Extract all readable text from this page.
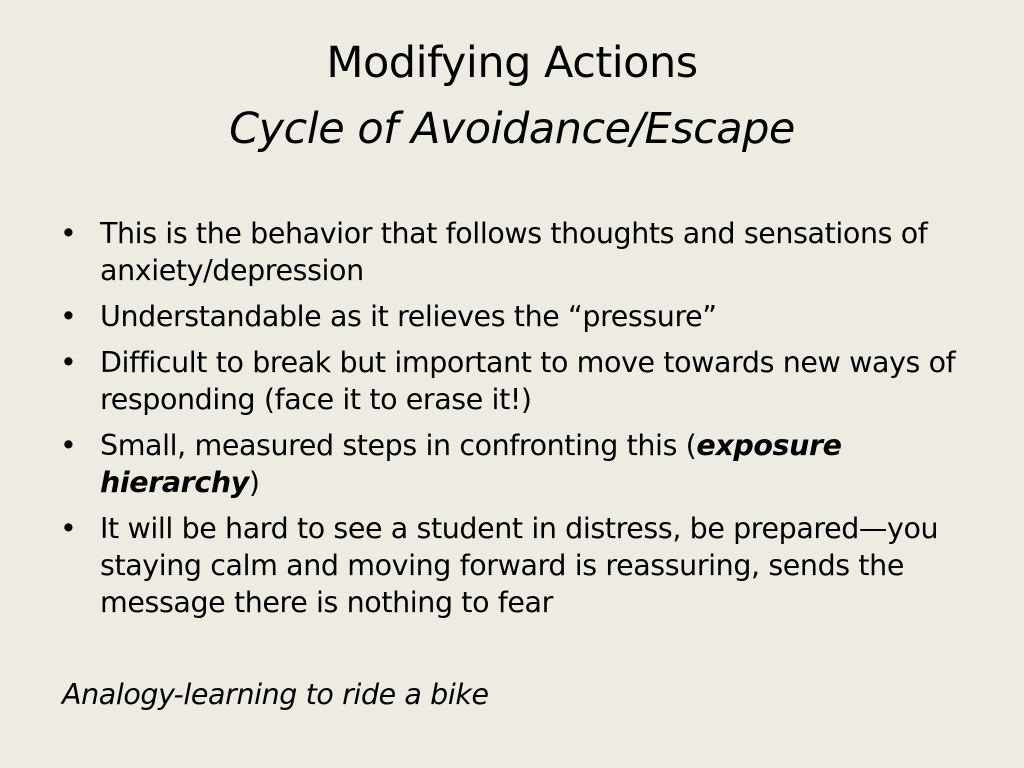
Modifying Actions
Cycle of Avoidance/Escape
• This is the behavior that follows thoughts and sensations of anxiety/depression
• Understandable as it relieves the “pressure”
• Difficult to break but important to move towards new ways of responding (face it to erase it!)
• Small, measured steps in confronting this (exposure hierarchy)
• It will be hard to see a student in distress, be prepared—you staying calm and moving forward is reassuring, sends the message there is nothing to fear
Analogy-learning to ride a bike
